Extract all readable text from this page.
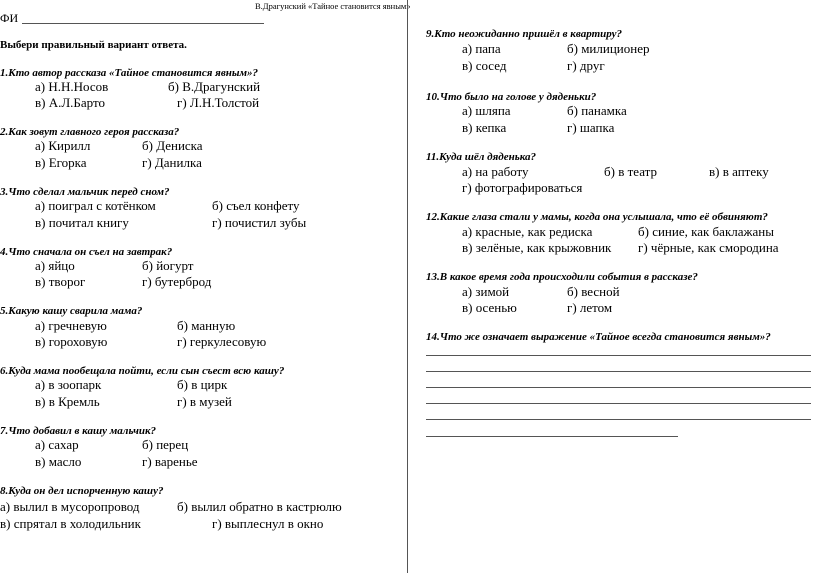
В.Драгунский «Тайное становится явным»
ФИ
Выбери правильный вариант ответа.
1.Кто автор рассказа «Тайное становится явным»?
а) Н.Н.Носов	б) В.Драгунский
в) А.Л.Барто	г) Л.Н.Толстой
2.Как зовут главного героя рассказа?
а) Кирилл	б) Дениска
в) Егорка	г) Данилка
3.Что сделал мальчик перед сном?
а) поиграл с котёнком	б) съел конфету
в) почитал книгу	г) почистил зубы
4.Что сначала он съел на завтрак?
а) яйцо	б) йогурт
в) творог	г) бутерброд
5.Какую кашу сварила мама?
а) гречневую	б) манную
в) гороховую	г) геркулесовую
6.Куда мама пообещала пойти, если сын съест всю кашу?
а) в зоопарк	б) в цирк
в) в Кремль	г) в музей
7.Что добавил в кашу мальчик?
а) сахар	б) перец
в) масло	г) варенье
8.Куда он дел испорченную кашу?
а) вылил в мусоропровод	б) вылил обратно в кастрюлю
в) спрятал в холодильник	г) выплеснул в окно
9.Кто неожиданно пришёл в квартиру?
а) папа	б) милиционер
в) сосед	г) друг
10.Что было на голове у дяденьки?
а) шляпа	б) панамка
в) кепка	г) шапка
11.Куда шёл дяденька?
а) на работу	б) в театр	в) в аптеку
г) фотографироваться
12.Какие глаза стали у мамы, когда она услышала, что её обвиняют?
а) красные, как редиска	б) синие, как баклажаны
в) зелёные, как крыжовник г) чёрные, как смородина
13.В какое время года происходили события в рассказе?
а) зимой	б) весной
в) осенью	г) летом
14.Что же означает выражение «Тайное всегда становится явным»?
